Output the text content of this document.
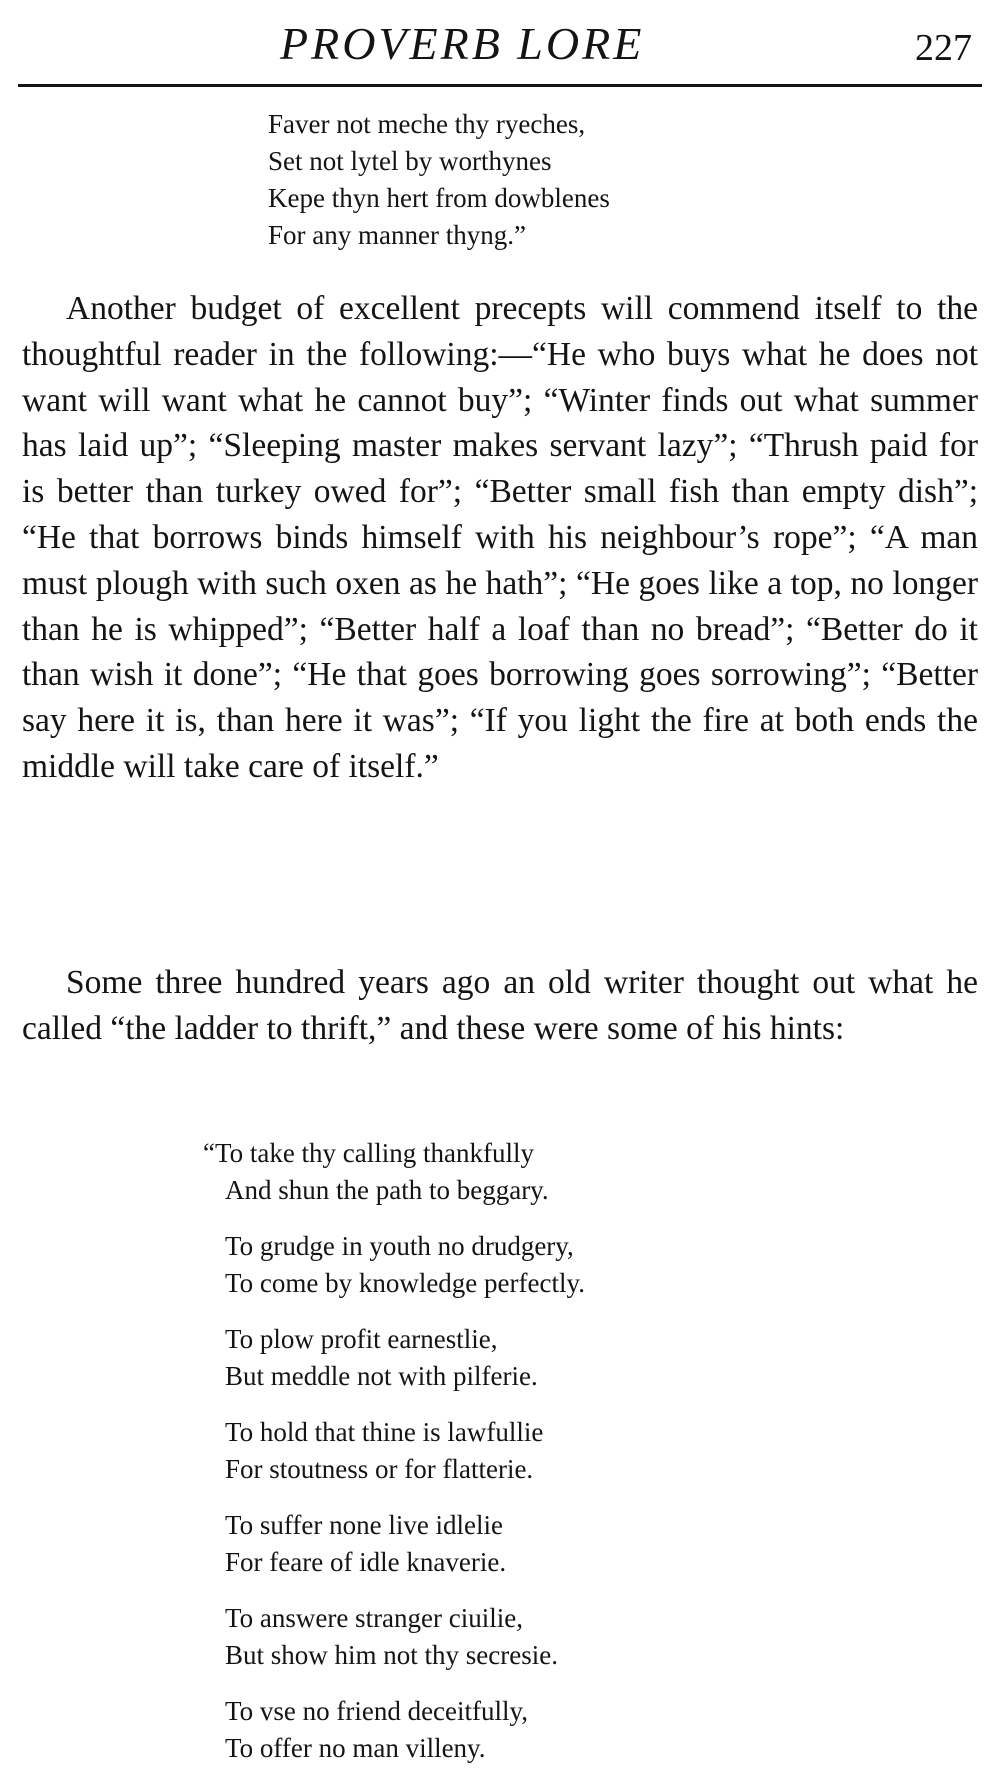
PROVERB LORE	227
Faver not meche thy ryeches,
Set not lytel by worthynes
Kepe thyn hert from dowblenes
For any manner thyng.”

Another budget of excellent precepts will commend itself to the thoughtful reader in the following:—“He who buys what he does not want will want what he cannot buy”; “Winter finds out what summer has laid up”; “Sleeping master makes servant lazy”; “Thrush paid for is better than turkey owed for”; “Better small fish than empty dish”; “He that borrows binds himself with his neighbour’s rope”; “A man must plough with such oxen as he hath”; “He goes like a top, no longer than he is whipped”; “Better half a loaf than no bread”; “Better do it than wish it done”; “He that goes borrowing goes sorrowing”; “Better say here it is, than here it was”; “If you light the fire at both ends the middle will take care of itself.”

Some three hundred years ago an old writer thought out what he called “the ladder to thrift,” and these were some of his hints:

“To take thy calling thankfully
And shun the path to beggary.
To grudge in youth no drudgery,
To come by knowledge perfectly.
To plow profit earnestlie,
But meddle not with pilferie.
To hold that thine is lawfullie
For stoutness or for flatterie.
To suffer none live idlelie
For feare of idle knaverie.
To answere stranger ciuilie,
But show him not thy secresie.
To vse no friend deceitfully,
To offer no man villeny.
